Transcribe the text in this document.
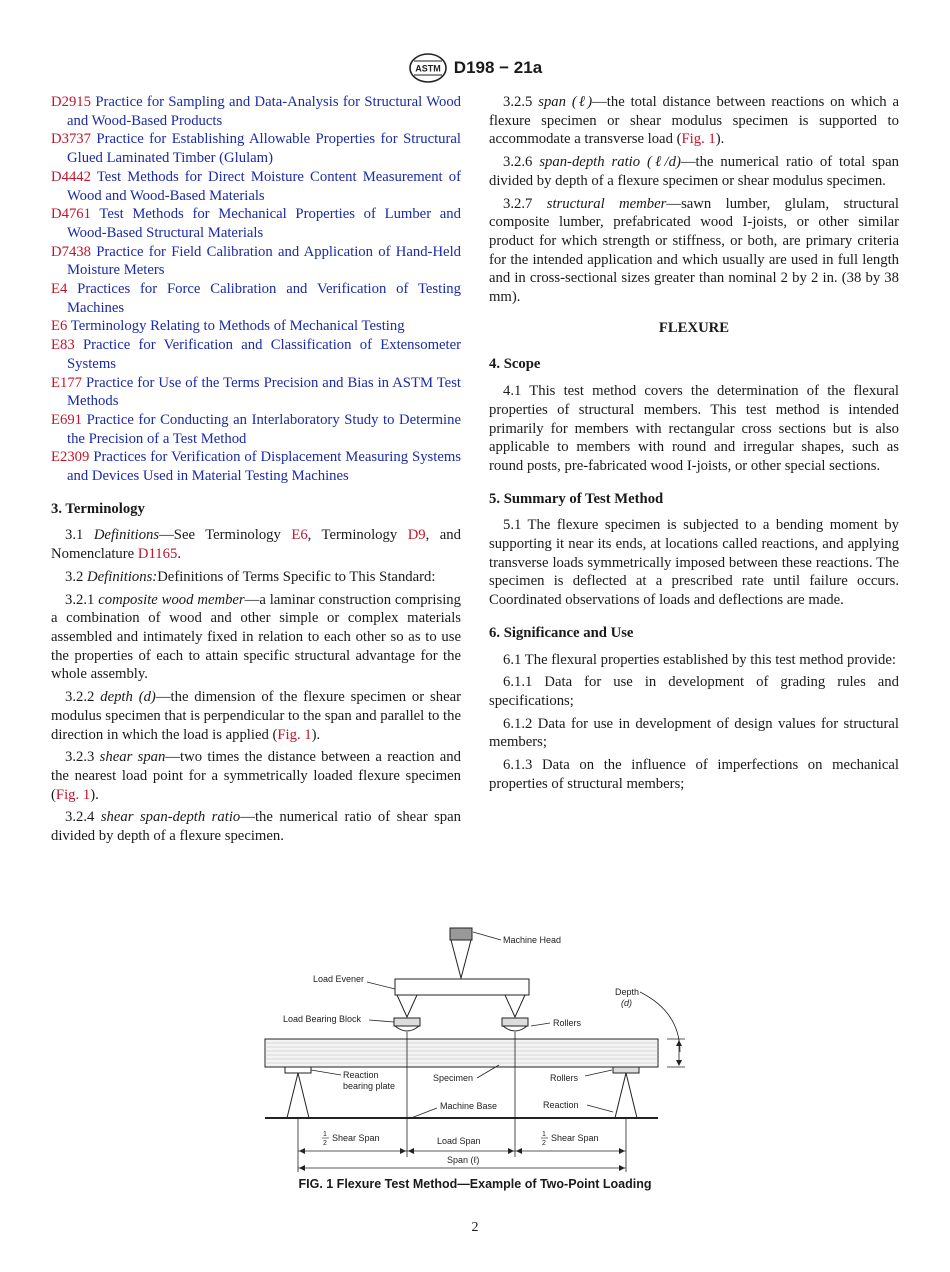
ASTM D198 − 21a

D2915 Practice for Sampling and Data-Analysis for Structural Wood and Wood-Based Products

D3737 Practice for Establishing Allowable Properties for Structural Glued Laminated Timber (Glulam)

D4442 Test Methods for Direct Moisture Content Measurement of Wood and Wood-Based Materials

D4761 Test Methods for Mechanical Properties of Lumber and Wood-Based Structural Materials

D7438 Practice for Field Calibration and Application of Hand-Held Moisture Meters

E4 Practices for Force Calibration and Verification of Testing Machines

E6 Terminology Relating to Methods of Mechanical Testing

E83 Practice for Verification and Classification of Extensometer Systems

E177 Practice for Use of the Terms Precision and Bias in ASTM Test Methods

E691 Practice for Conducting an Interlaboratory Study to Determine the Precision of a Test Method

E2309 Practices for Verification of Displacement Measuring Systems and Devices Used in Material Testing Machines

3. Terminology

3.1 Definitions—See Terminology E6, Terminology D9, and Nomenclature D1165.

3.2 Definitions:Definitions of Terms Specific to This Standard:

3.2.1 composite wood member—a laminar construction comprising a combination of wood and other simple or complex materials assembled and intimately fixed in relation to each other so as to use the properties of each to attain specific structural advantage for the whole assembly.

3.2.2 depth (d)—the dimension of the flexure specimen or shear modulus specimen that is perpendicular to the span and parallel to the direction in which the load is applied (Fig. 1).

3.2.3 shear span—two times the distance between a reaction and the nearest load point for a symmetrically loaded flexure specimen (Fig. 1).

3.2.4 shear span-depth ratio—the numerical ratio of shear span divided by depth of a flexure specimen.

3.2.5 span (ℓ)—the total distance between reactions on which a flexure specimen or shear modulus specimen is supported to accommodate a transverse load (Fig. 1).

3.2.6 span-depth ratio (ℓ/d)—the numerical ratio of total span divided by depth of a flexure specimen or shear modulus specimen.

3.2.7 structural member—sawn lumber, glulam, structural composite lumber, prefabricated wood I-joists, or other similar product for which strength or stiffness, or both, are primary criteria for the intended application and which usually are used in full length and in cross-sectional sizes greater than nominal 2 by 2 in. (38 by 38 mm).

FLEXURE
4. Scope

4.1 This test method covers the determination of the flexural properties of structural members. This test method is intended primarily for members with rectangular cross sections but is also applicable to members with round and irregular shapes, such as round posts, pre-fabricated wood I-joists, or other special sections.

5. Summary of Test Method

5.1 The flexure specimen is subjected to a bending moment by supporting it near its ends, at locations called reactions, and applying transverse loads symmetrically imposed between these reactions. The specimen is deflected at a prescribed rate until failure occurs. Coordinated observations of loads and deflections are made.

6. Significance and Use

6.1 The flexural properties established by this test method provide:

6.1.1 Data for use in development of grading rules and specifications;

6.1.2 Data for use in development of design values for structural members;

6.1.3 Data on the influence of imperfections on mechanical properties of structural members;

Machine Head
Load Evener
Load Bearing Block	Rollers
Depth
(d)
Reaction
bearing plate
Rollers
Reaction
Specimen
Machine Base
1
2
Shear Span	Load Span
1
2
Shear Span
Span (ℓ)
FIG. 1 Flexure Test Method—Example of Two-Point Loading
2
